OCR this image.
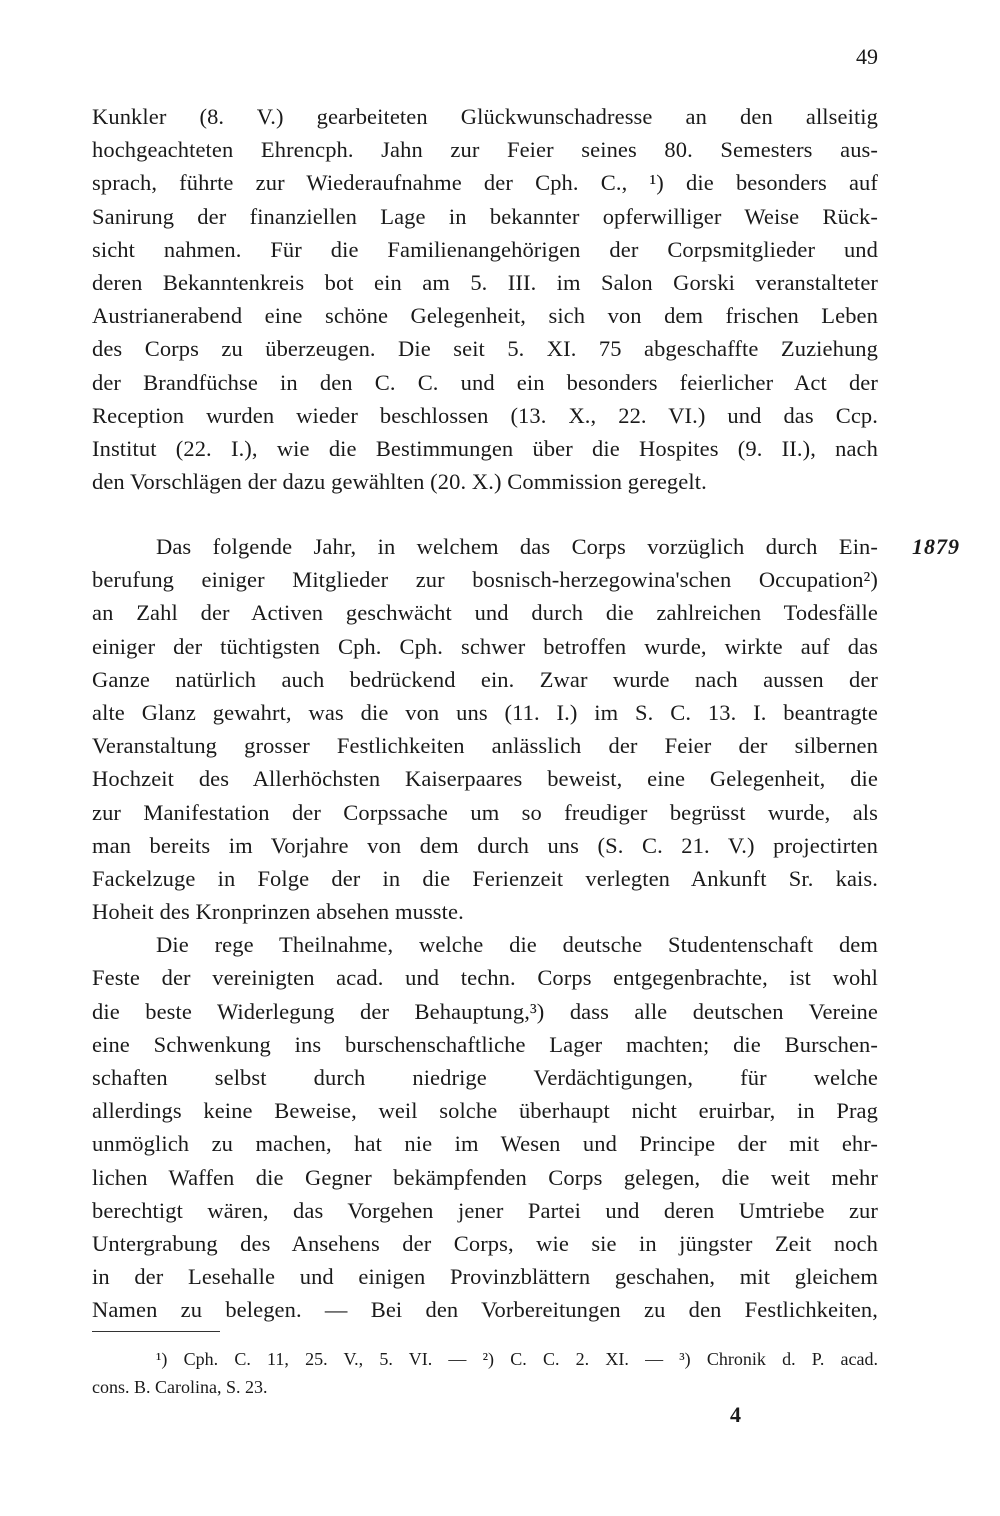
49
Kunkler (8. V.) gearbeiteten Glückwunschadresse an den allseitig
hochgeachteten Ehrencph. Jahn zur Feier seines 80. Semesters aus-
sprach, führte zur Wiederaufnahme der Cph. C., ¹) die besonders auf
Sanirung der finanziellen Lage in bekannter opferwilliger Weise Rück-
sicht nahmen. Für die Familienangehörigen der Corpsmitglieder und
deren Bekanntenkreis bot ein am 5. III. im Salon Gorski veranstalteter
Austrianerabend eine schöne Gelegenheit, sich von dem frischen Leben
des Corps zu überzeugen. Die seit 5. XI. 75 abgeschaffte Zuziehung
der Brandfüchse in den C. C. und ein besonders feierlicher Act der
Reception wurden wieder beschlossen (13. X., 22. VI.) und das Ccp.
Institut (22. I.), wie die Bestimmungen über die Hospites (9. II.), nach
den Vorschlägen der dazu gewählten (20. X.) Commission geregelt.
1879
Das folgende Jahr, in welchem das Corps vorzüglich durch Ein-
berufung einiger Mitglieder zur bosnisch-herzegowina'schen Occupation²)
an Zahl der Activen geschwächt und durch die zahlreichen Todesfälle
einiger der tüchtigsten Cph. Cph. schwer betroffen wurde, wirkte auf das
Ganze natürlich auch bedrückend ein. Zwar wurde nach aussen der
alte Glanz gewahrt, was die von uns (11. I.) im S. C. 13. I. beantragte
Veranstaltung grosser Festlichkeiten anlässlich der Feier der silbernen
Hochzeit des Allerhöchsten Kaiserpaares beweist, eine Gelegenheit, die
zur Manifestation der Corpssache um so freudiger begrüsst wurde, als
man bereits im Vorjahre von dem durch uns (S. C. 21. V.) projectirten
Fackelzuge in Folge der in die Ferienzeit verlegten Ankunft Sr. kais.
Hoheit des Kronprinzen absehen musste.
Die rege Theilnahme, welche die deutsche Studentenschaft dem
Feste der vereinigten acad. und techn. Corps entgegenbrachte, ist wohl
die beste Widerlegung der Behauptung,³) dass alle deutschen Vereine
eine Schwenkung ins burschenschaftliche Lager machten; die Burschen-
schaften selbst durch niedrige Verdächtigungen, für welche
allerdings keine Beweise, weil solche überhaupt nicht eruirbar, in Prag
unmöglich zu machen, hat nie im Wesen und Principe der mit ehr-
lichen Waffen die Gegner bekämpfenden Corps gelegen, die weit mehr
berechtigt wären, das Vorgehen jener Partei und deren Umtriebe zur
Untergrabung des Ansehens der Corps, wie sie in jüngster Zeit noch
in der Lesehalle und einigen Provinzblättern geschahen, mit gleichem
Namen zu belegen. — Bei den Vorbereitungen zu den Festlichkeiten,
¹) Cph. C. 11, 25. V., 5. VI. — ²) C. C. 2. XI. — ³) Chronik d. P. acad.
cons. B. Carolina, S. 23.
4
